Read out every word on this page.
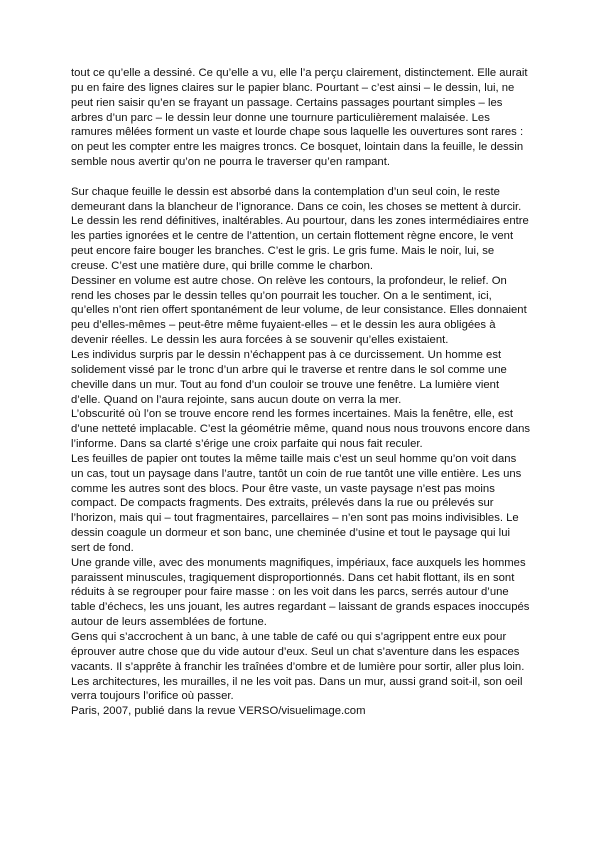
tout ce qu’elle a dessiné. Ce qu’elle a vu, elle l’a perçu clairement, distinctement. Elle aurait pu en faire des lignes claires sur le papier blanc. Pourtant – c’est ainsi – le dessin, lui, ne peut rien saisir qu’en se frayant un passage. Certains passages pourtant simples – les arbres d’un parc – le dessin leur donne une tournure particulièrement malaisée. Les ramures mêlées forment un vaste et lourde chape sous laquelle les ouvertures sont rares : on peut les compter entre les maigres troncs. Ce bosquet, lointain dans la feuille, le dessin semble nous avertir qu’on ne pourra le traverser qu’en rampant.

Sur chaque feuille le dessin est absorbé dans la contemplation d’un seul coin, le reste demeurant dans la blancheur de l’ignorance. Dans ce coin, les choses se mettent à durcir. Le dessin les rend définitives, inaltérables. Au pourtour, dans les zones intermédiaires entre les parties ignorées et le centre de l’attention, un certain flottement règne encore, le vent peut encore faire bouger les branches. C’est le gris. Le gris fume. Mais le noir, lui, se creuse. C’est une matière dure, qui brille comme le charbon.

Dessiner en volume est autre chose. On relève les contours, la profondeur, le relief. On rend les choses par le dessin telles qu’on pourrait les toucher. On a le sentiment, ici, qu’elles n’ont rien offert spontanément de leur volume, de leur consistance. Elles donnaient peu d’elles-mêmes – peut-être même fuyaient-elles – et le dessin les aura obligées à devenir réelles. Le dessin les aura forcées à se souvenir qu’elles existaient.

Les individus surpris par le dessin n’échappent pas à ce durcissement. Un homme est solidement vissé par le tronc d’un arbre qui le traverse et rentre dans le sol comme une cheville dans un mur. Tout au fond d’un couloir se trouve une fenêtre. La lumière vient d’elle. Quand on l’aura rejointe, sans aucun doute on verra la mer.

L’obscurité où l’on se trouve encore rend les formes incertaines. Mais la fenêtre, elle, est d’une netteté implacable. C’est la géométrie même, quand nous nous trouvons encore dans l’informe. Dans sa clarté s’érige une croix parfaite qui nous fait reculer.

Les feuilles de papier ont toutes la même taille mais c’est un seul homme qu’on voit dans un cas, tout un paysage dans l’autre, tantôt un coin de rue tantôt une ville entière. Les uns comme les autres sont des blocs. Pour être vaste, un vaste paysage n’est pas moins compact. De compacts fragments. Des extraits, prélevés dans la rue ou prélevés sur l’horizon, mais qui – tout fragmentaires, parcellaires – n’en sont pas moins indivisibles. Le dessin coagule un dormeur et son banc, une cheminée d’usine et tout le paysage qui lui sert de fond.

Une grande ville, avec des monuments magnifiques, impériaux, face auxquels les hommes paraissent minuscules, tragiquement disproportionnés. Dans cet habit flottant, ils en sont réduits à se regrouper pour faire masse : on les voit dans les parcs, serrés autour d’une table d’échecs, les uns jouant, les autres regardant – laissant de grands espaces inoccupés autour de leurs assemblées de fortune.

Gens qui s’accrochent à un banc, à une table de café ou qui s’agrippent entre eux pour éprouver autre chose que du vide autour d’eux. Seul un chat s’aventure dans les espaces vacants. Il s’apprête à franchir les traînées d’ombre et de lumière pour sortir, aller plus loin. Les architectures, les murailles, il ne les voit pas. Dans un mur, aussi grand soit-il, son oeil verra toujours l’orifice où passer.

Paris, 2007, publié dans la revue VERSO/visuelimage.com
